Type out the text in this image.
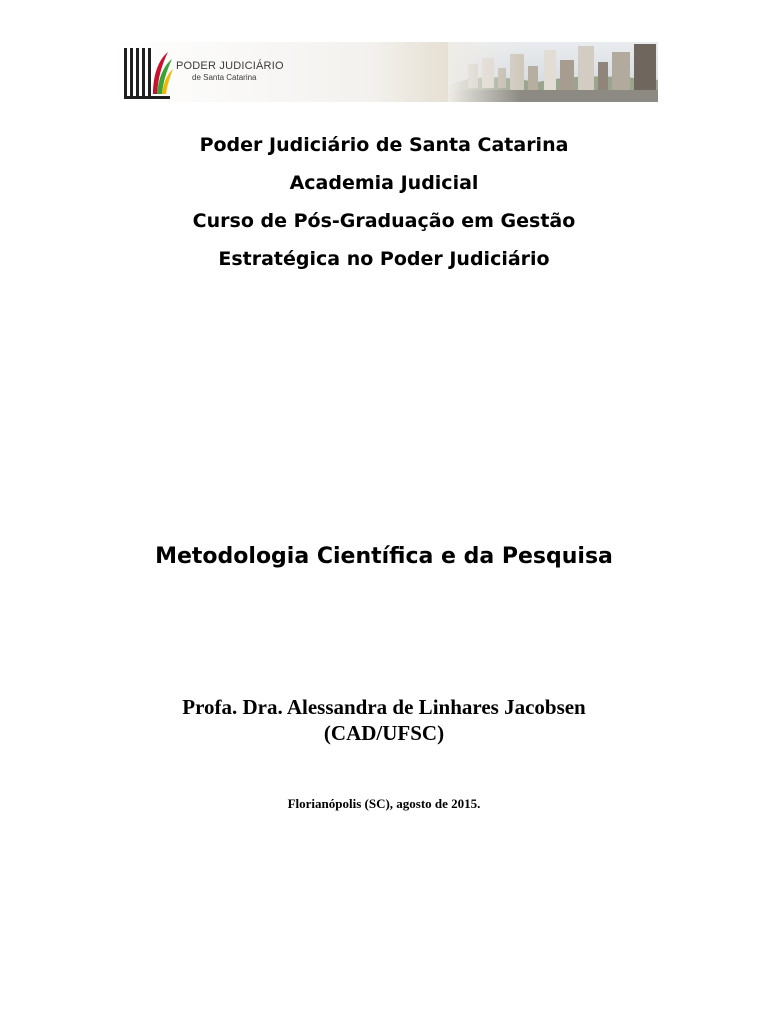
PODER JUDICIÁRIO
de Santa Catarina

Poder Judiciário de Santa Catarina

Academia Judicial

Curso de Pós-Graduação em Gestão

Estratégica no Poder Judiciário

Metodologia Científica e da Pesquisa
Profa. Dra. Alessandra de Linhares Jacobsen
(CAD/UFSC)
Florianópolis (SC), agosto de 2015.
